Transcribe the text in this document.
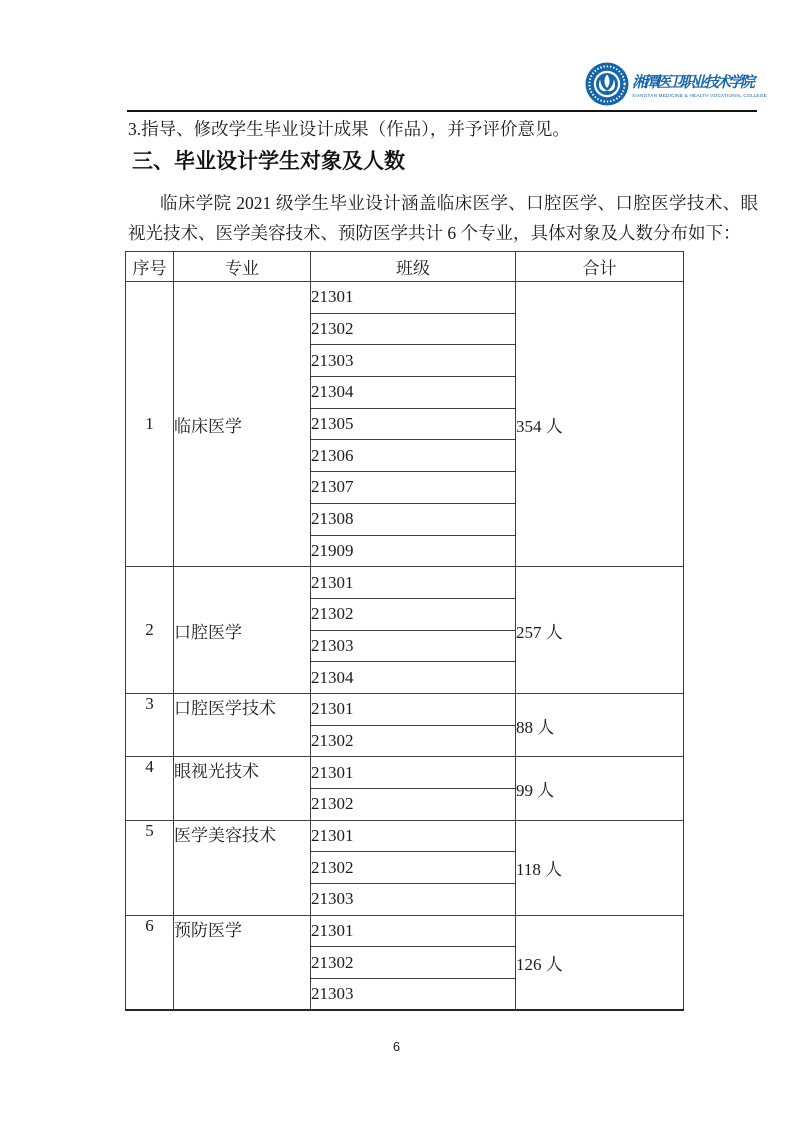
湘潭医卫职业技术学院
XIANGTAN MEDICINE & HEALTH VOCATIONAL COLLEGE
3.指导、修改学生毕业设计成果（作品），并予评价意见。
三、毕业设计学生对象及人数

临床学院 2021 级学生毕业设计涵盖临床医学、口腔医学、口腔医学技术、眼视光技术、医学美容技术、预防医学共计 6 个专业，具体对象及人数分布如下：

序号	专业	班级	合计
1	临床医学	21301	354 人
		21302	
		21303	
		21304	
		21305	
		21306	
		21307	
		21308	
		21909	
2	口腔医学	21301	257 人
		21302	
		21303	
		21304	
3	口腔医学技术	21301	88 人
		21302	
4	眼视光技术	21301	99 人
		21302	
5	医学美容技术	21301	118 人
		21302	
		21303	
6	预防医学	21301	126 人
		21302	
		21303	
6
